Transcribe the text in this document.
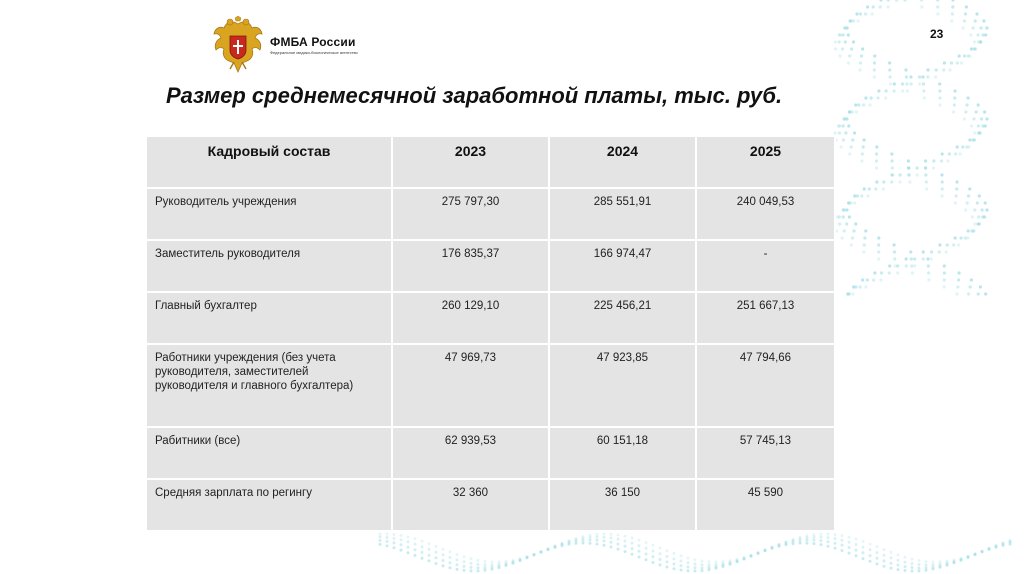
ФМБА России
Федеральное медико-биологическое агентство
23
Размер среднемесячной заработной платы, тыс. руб.
Кадровый состав	2023	2024	2025
Руководитель учреждения	275 797,30	285 551,91	240 049,53
Заместитель руководителя	176 835,37	166 974,47	-
Главный бухгалтер	260 129,10	225 456,21	251 667,13
Работники учреждения (без учета руководителя, заместителей руководителя и главного бухгалтера)	47 969,73	47 923,85	47 794,66
Рабитники (все)	62 939,53	60 151,18	57 745,13
Средняя зарплата по регингу	32 360	36 150	45 590
